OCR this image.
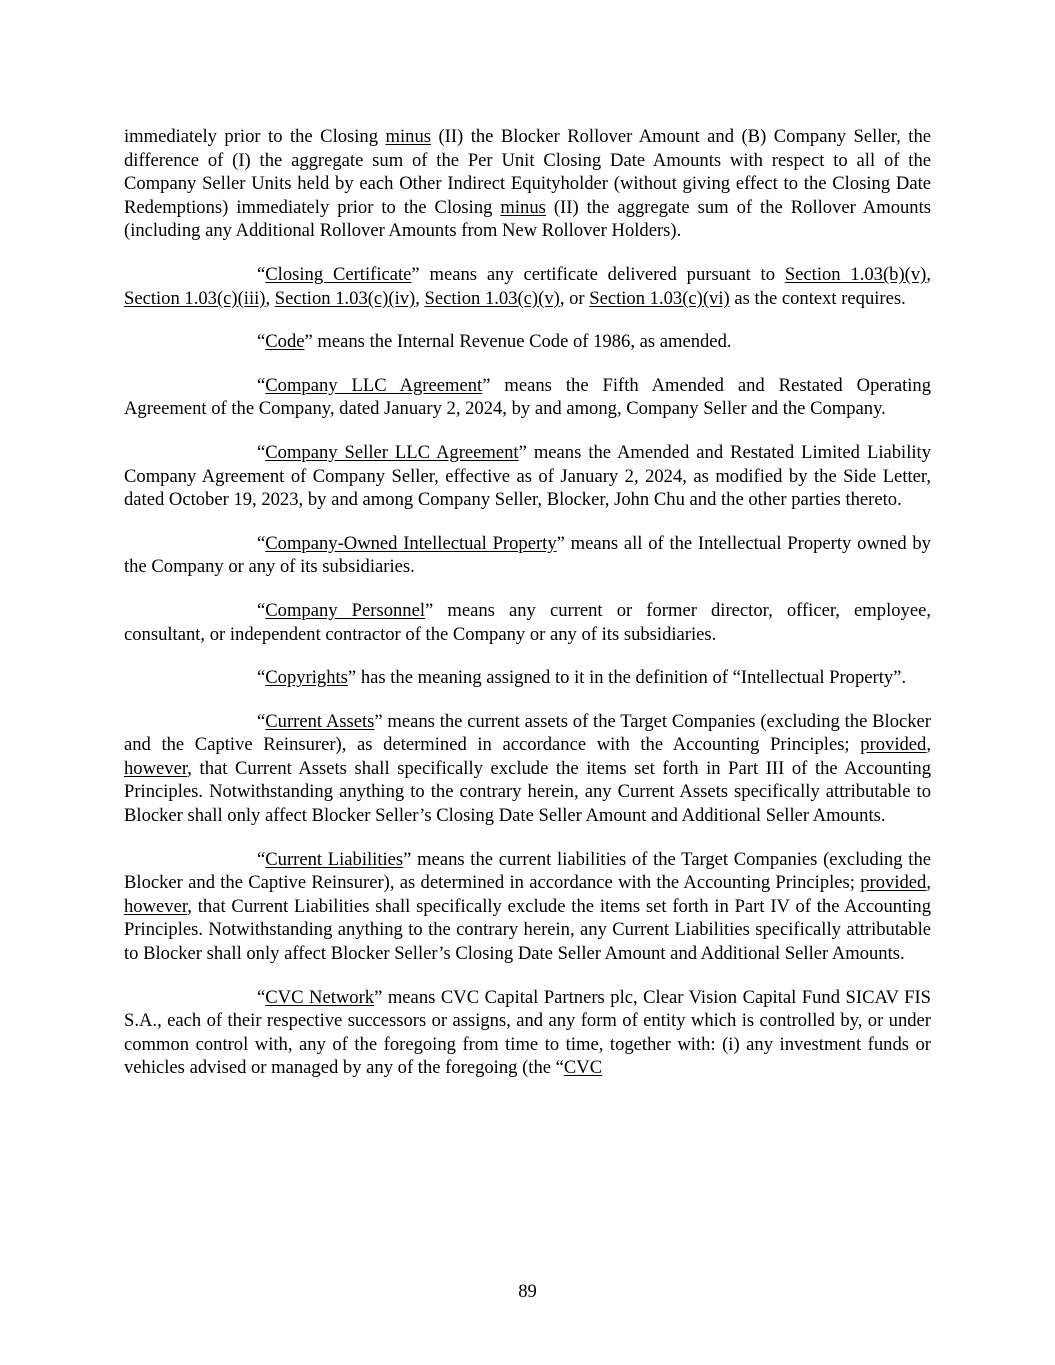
immediately prior to the Closing minus (II) the Blocker Rollover Amount and (B) Company Seller, the difference of (I) the aggregate sum of the Per Unit Closing Date Amounts with respect to all of the Company Seller Units held by each Other Indirect Equityholder (without giving effect to the Closing Date Redemptions) immediately prior to the Closing minus (II) the aggregate sum of the Rollover Amounts (including any Additional Rollover Amounts from New Rollover Holders).

“Closing Certificate” means any certificate delivered pursuant to Section 1.03(b)(v), Section 1.03(c)(iii), Section 1.03(c)(iv), Section 1.03(c)(v), or Section 1.03(c)(vi) as the context requires.

“Code” means the Internal Revenue Code of 1986, as amended.

“Company LLC Agreement” means the Fifth Amended and Restated Operating Agreement of the Company, dated January 2, 2024, by and among, Company Seller and the Company.

“Company Seller LLC Agreement” means the Amended and Restated Limited Liability Company Agreement of Company Seller, effective as of January 2, 2024, as modified by the Side Letter, dated October 19, 2023, by and among Company Seller, Blocker, John Chu and the other parties thereto.

“Company-Owned Intellectual Property” means all of the Intellectual Property owned by the Company or any of its subsidiaries.

“Company Personnel” means any current or former director, officer, employee, consultant, or independent contractor of the Company or any of its subsidiaries.

“Copyrights” has the meaning assigned to it in the definition of “Intellectual Property”.

“Current Assets” means the current assets of the Target Companies (excluding the Blocker and the Captive Reinsurer), as determined in accordance with the Accounting Principles; provided, however, that Current Assets shall specifically exclude the items set forth in Part III of the Accounting Principles. Notwithstanding anything to the contrary herein, any Current Assets specifically attributable to Blocker shall only affect Blocker Seller’s Closing Date Seller Amount and Additional Seller Amounts.

“Current Liabilities” means the current liabilities of the Target Companies (excluding the Blocker and the Captive Reinsurer), as determined in accordance with the Accounting Principles; provided, however, that Current Liabilities shall specifically exclude the items set forth in Part IV of the Accounting Principles. Notwithstanding anything to the contrary herein, any Current Liabilities specifically attributable to Blocker shall only affect Blocker Seller’s Closing Date Seller Amount and Additional Seller Amounts.

“CVC Network” means CVC Capital Partners plc, Clear Vision Capital Fund SICAV FIS S.A., each of their respective successors or assigns, and any form of entity which is controlled by, or under common control with, any of the foregoing from time to time, together with: (i) any investment funds or vehicles advised or managed by any of the foregoing (the “CVC

89
